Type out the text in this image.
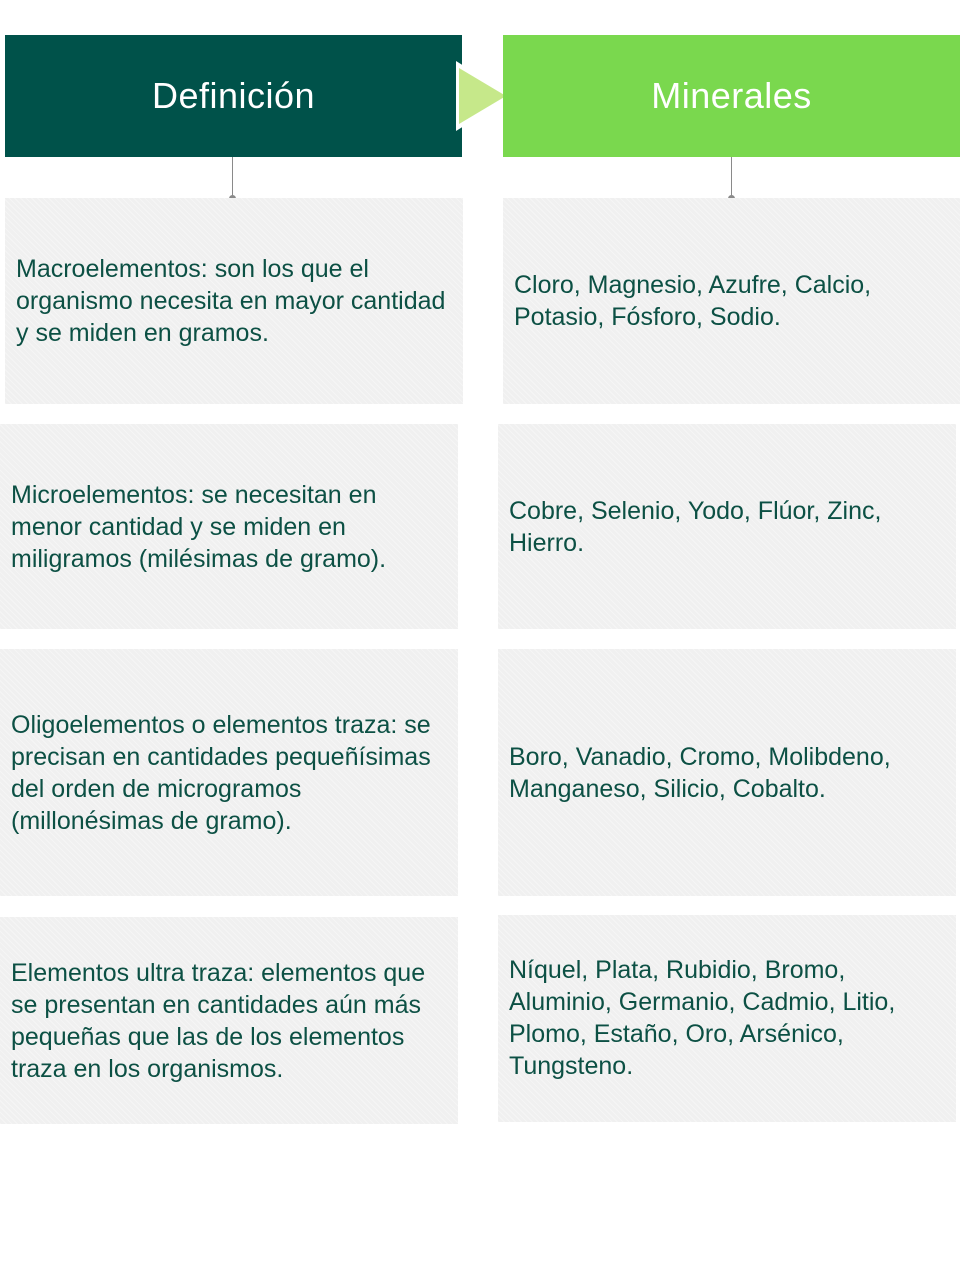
Definición	Minerales
Macroelementos: son los que el organismo necesita en mayor cantidad y se miden en gramos.
Cloro, Magnesio, Azufre, Calcio, Potasio, Fósforo, Sodio.
Microelementos: se necesitan en menor cantidad y se miden en miligramos (milésimas de gramo).
Cobre, Selenio, Yodo, Flúor, Zinc, Hierro.
Oligoelementos o elementos traza: se precisan en cantidades pequeñísimas del orden de microgramos (millonésimas de gramo).
Boro, Vanadio, Cromo, Molibdeno, Manganeso, Silicio, Cobalto.
Elementos ultra traza: elementos que se presentan en cantidades aún más pequeñas que las de los elementos traza en los organismos.
Níquel, Plata, Rubidio, Bromo, Aluminio, Germanio, Cadmio, Litio, Plomo, Estaño, Oro, Arsénico, Tungsteno.
